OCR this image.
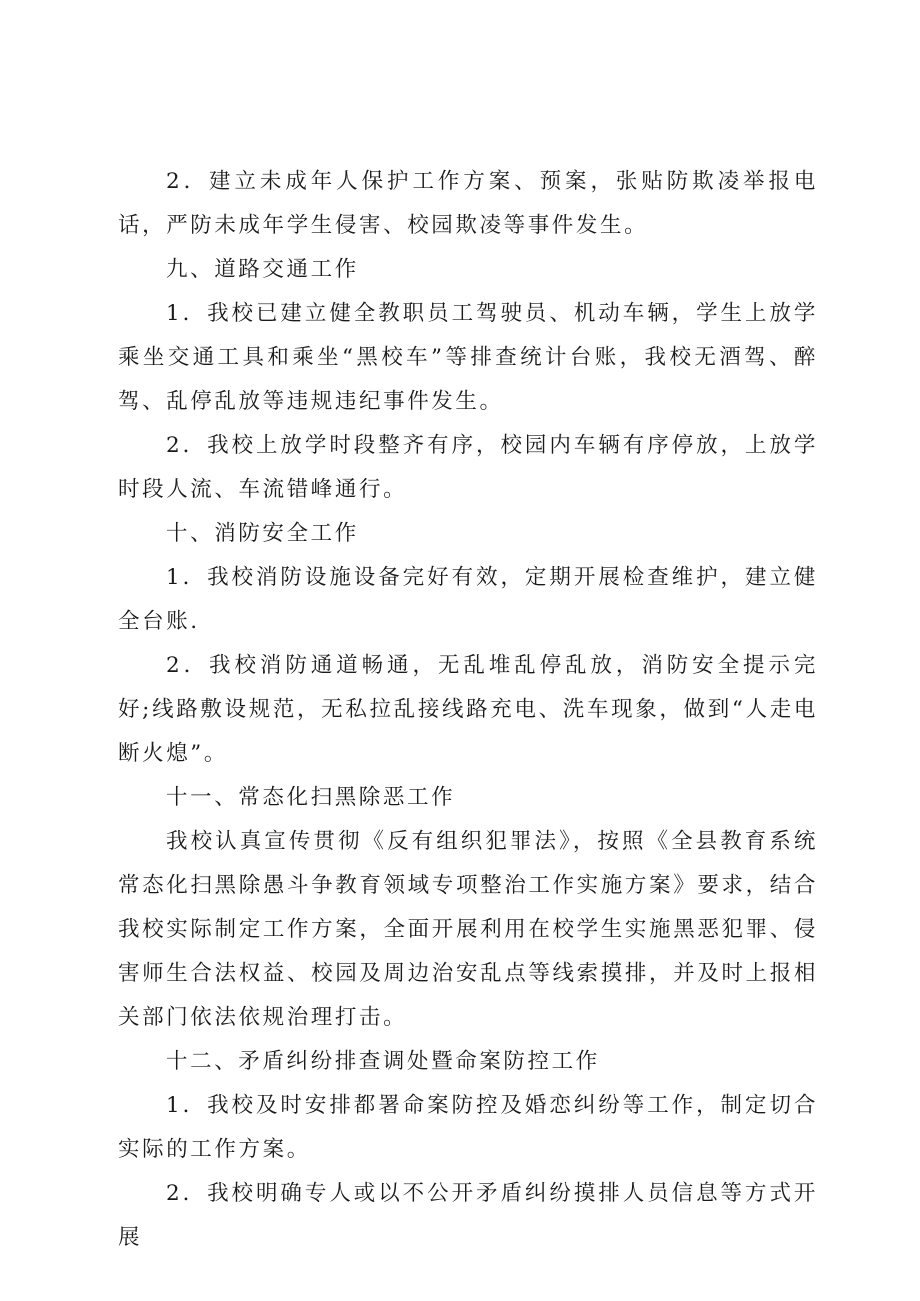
2．建立未成年人保护工作方案、预案，张贴防欺凌举报电话，严防未成年学生侵害、校园欺凌等事件发生。

九、道路交通工作

1．我校已建立健全教职员工驾驶员、机动车辆，学生上放学乘坐交通工具和乘坐“黑校车”等排查统计台账，我校无酒驾、醉驾、乱停乱放等违规违纪事件发生。

2．我校上放学时段整齐有序，校园内车辆有序停放，上放学时段人流、车流错峰通行。

十、消防安全工作

1．我校消防设施设备完好有效，定期开展检查维护，建立健全台账.

2．我校消防通道畅通，无乱堆乱停乱放，消防安全提示完好;线路敷设规范，无私拉乱接线路充电、洗车现象，做到“人走电断火熄”。

十一、常态化扫黑除恶工作

我校认真宣传贯彻《反有组织犯罪法》，按照《全县教育系统常态化扫黑除愚斗争教育领域专项整治工作实施方案》要求，结合我校实际制定工作方案，全面开展利用在校学生实施黑恶犯罪、侵害师生合法权益、校园及周边治安乱点等线索摸排，并及时上报相关部门依法依规治理打击。

十二、矛盾纠纷排查调处暨命案防控工作

1．我校及时安排都署命案防控及婚恋纠纷等工作，制定切合实际的工作方案。

2．我校明确专人或以不公开矛盾纠纷摸排人员信息等方式开展
